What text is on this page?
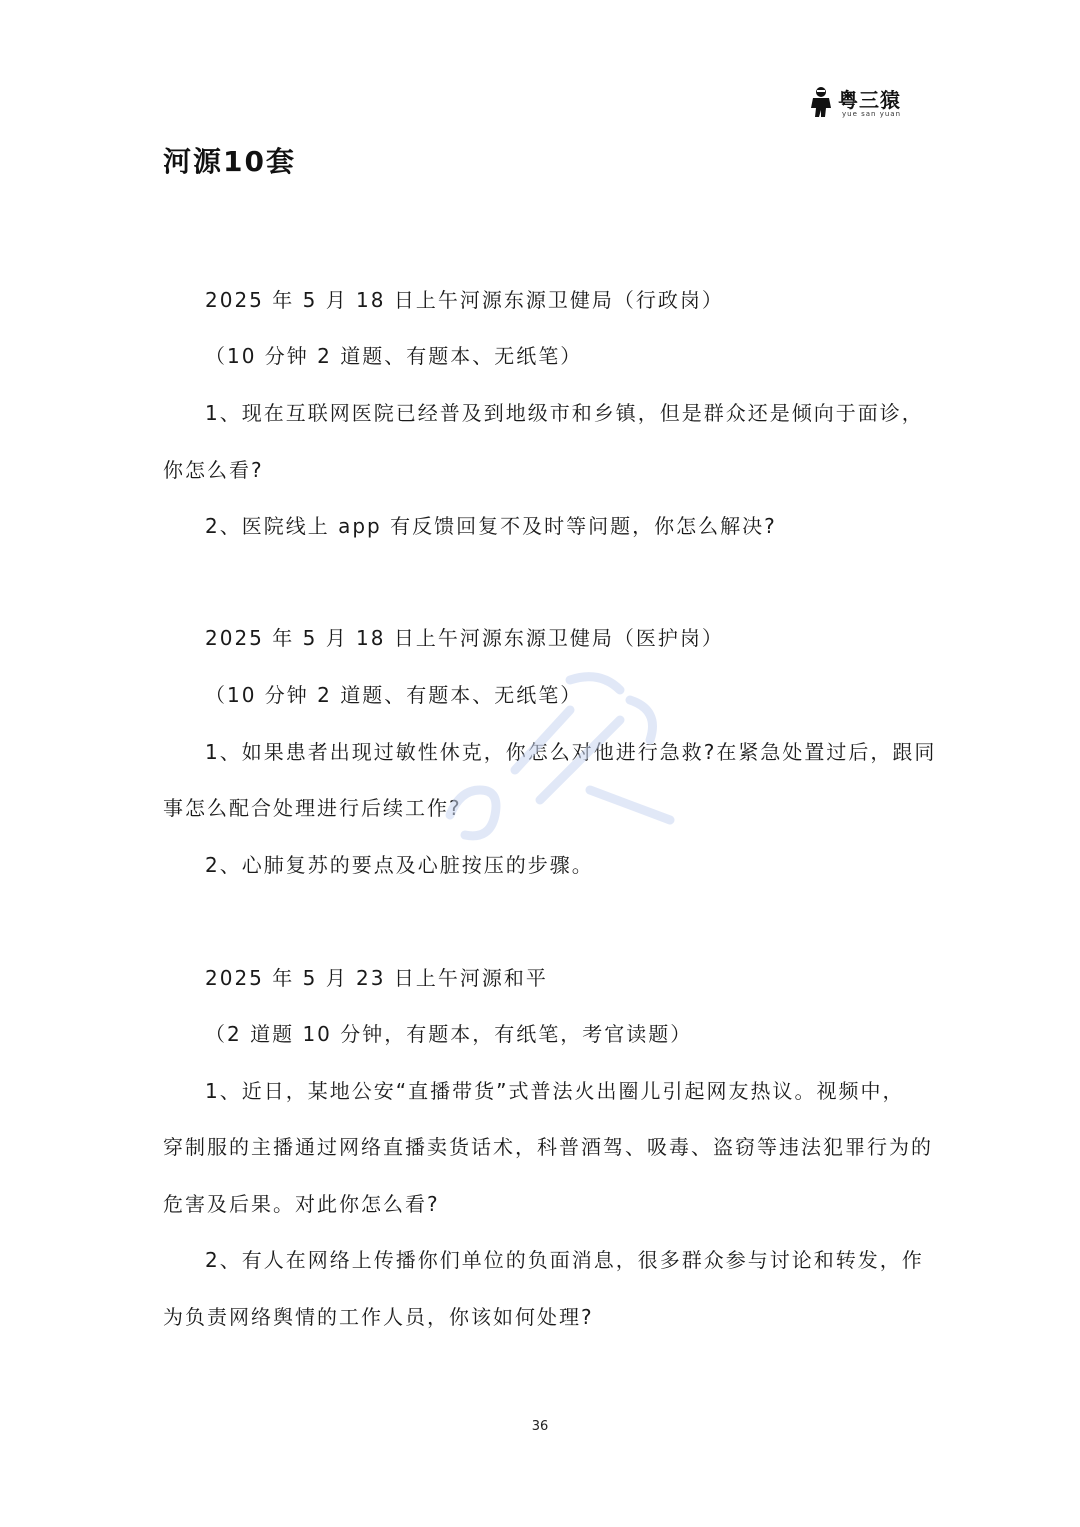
粤三猿
yue san yuan
河源10套
2025 年 5 月 18 日上午河源东源卫健局（行政岗）
（10 分钟 2 道题、有题本、无纸笔）
1、现在互联网医院已经普及到地级市和乡镇，但是群众还是倾向于面诊，
你怎么看?
2、医院线上 app 有反馈回复不及时等问题，你怎么解决?
2025 年 5 月 18 日上午河源东源卫健局（医护岗）
（10 分钟 2 道题、有题本、无纸笔）
1、如果患者出现过敏性休克，你怎么对他进行急救?在紧急处置过后，跟同
事怎么配合处理进行后续工作?
2、心肺复苏的要点及心脏按压的步骤。
2025 年 5 月 23 日上午河源和平
（2 道题 10 分钟，有题本，有纸笔，考官读题）
1、近日，某地公安“直播带货”式普法火出圈儿引起网友热议。视频中，
穿制服的主播通过网络直播卖货话术，科普酒驾、吸毒、盗窃等违法犯罪行为的
危害及后果。对此你怎么看?
2、有人在网络上传播你们单位的负面消息，很多群众参与讨论和转发，作
为负责网络舆情的工作人员，你该如何处理?
36
